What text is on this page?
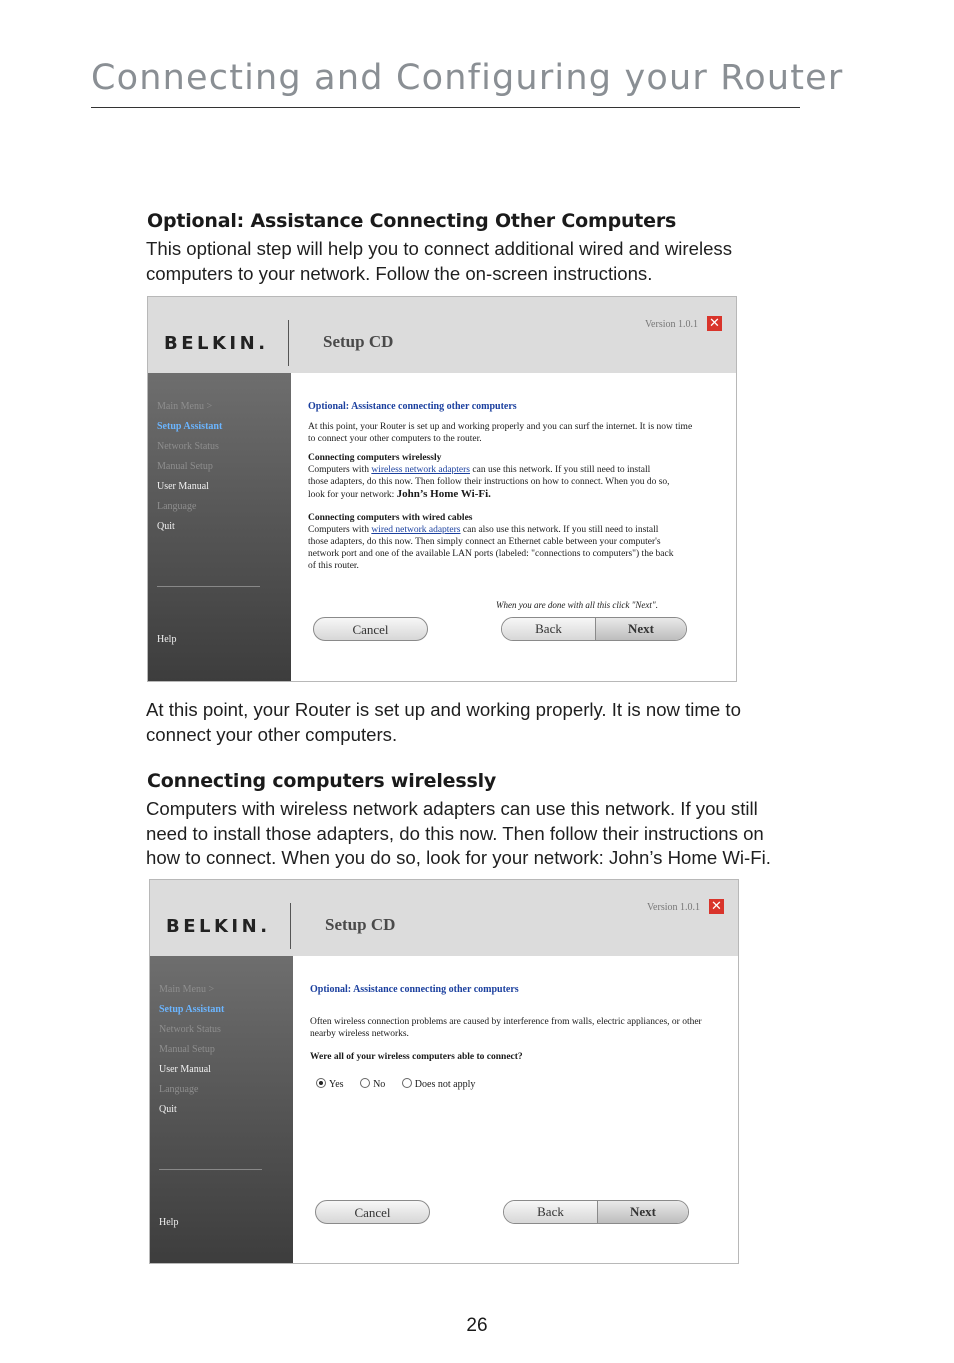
Connecting and Configuring your Router
Optional: Assistance Connecting Other Computers
This optional step will help you to connect additional wired and wireless
computers to your network. Follow the on-screen instructions.
BELKIN.	Setup CD
Version 1.0.1 ✕
Main Menu >
Setup Assistant
Network Status
Manual Setup
User Manual
Language
Quit
Help
Optional: Assistance connecting other computers
At this point, your Router is set up and working properly and you can surf the internet. It is now time
to connect your other computers to the router.
Connecting computers wirelessly
Computers with wireless network adapters can use this network. If you still need to install
those adapters, do this now. Then follow their instructions on how to connect. When you do so,
look for your network: John’s Home Wi-Fi.
Connecting computers with wired cables
Computers with wired network adapters can also use this network. If you still need to install
those adapters, do this now. Then simply connect an Ethernet cable between your computer's
network port and one of the available LAN ports (labeled: "connections to computers") the back
of this router.
When you are done with all this click "Next".
Cancel	Back	Next
At this point, your Router is set up and working properly. It is now time to
connect your other computers.
Connecting computers wirelessly
Computers with wireless network adapters can use this network. If you still
need to install those adapters, do this now. Then follow their instructions on
how to connect. When you do so, look for your network: John’s Home Wi-Fi.
BELKIN.	Setup CD
Version 1.0.1 ✕
Main Menu >
Setup Assistant
Network Status
Manual Setup
User Manual
Language
Quit
Help
Optional: Assistance connecting other computers
Often wireless connection problems are caused by interference from walls, electric appliances, or other
nearby wireless networks.
Were all of your wireless computers able to connect?
Yes	No	Does not apply
Cancel	Back	Next
26
